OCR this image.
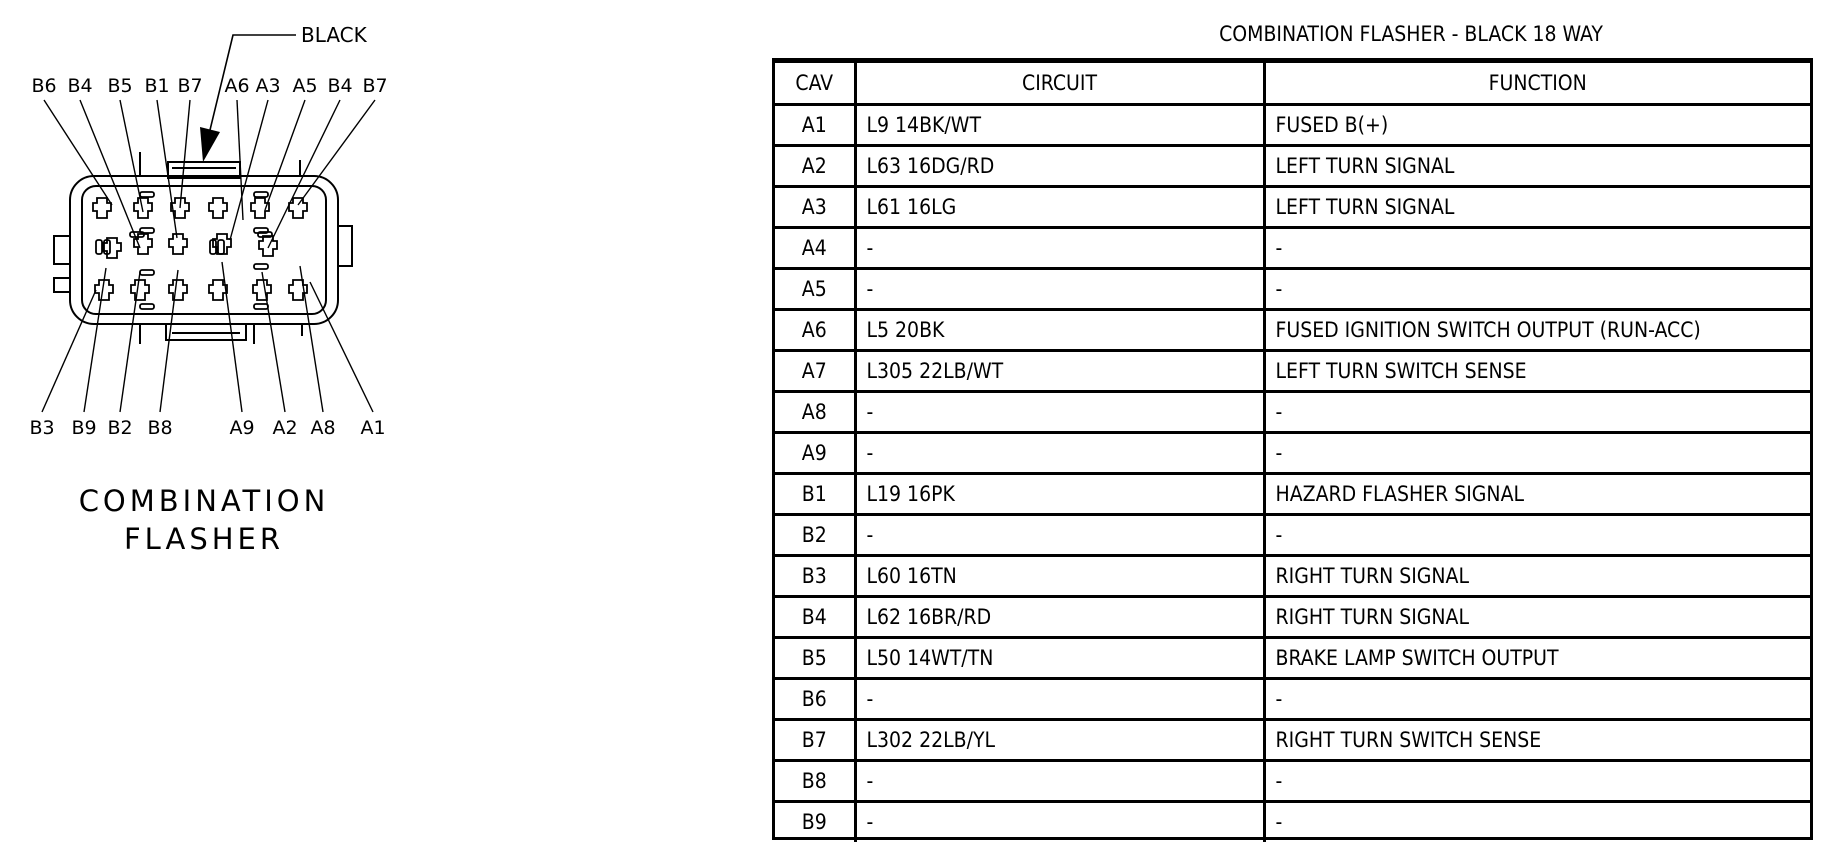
BLACK
B6 B4 B5 B1 B7 A6 A3 A5 B4 B7
B3 B9 B2 B8	A9 A2 A8 A1
COMBINATION
FLASHER
COMBINATION FLASHER - BLACK 18 WAY
CAV	CIRCUIT	FUNCTION
A1	L9 14BK/WT	FUSED B(+)
A2	L63 16DG/RD	LEFT TURN SIGNAL
A3	L61 16LG	LEFT TURN SIGNAL
A4	-	-
A5	-	-
A6	L5 20BK	FUSED IGNITION SWITCH OUTPUT (RUN-ACC)
A7	L305 22LB/WT	LEFT TURN SWITCH SENSE
A8	-	-
A9	-	-
B1	L19 16PK	HAZARD FLASHER SIGNAL
B2	-	-
B3	L60 16TN	RIGHT TURN SIGNAL
B4	L62 16BR/RD	RIGHT TURN SIGNAL
B5	L50 14WT/TN	BRAKE LAMP SWITCH OUTPUT
B6	-	-
B7	L302 22LB/YL	RIGHT TURN SWITCH SENSE
B8	-	-
B9	-	-
